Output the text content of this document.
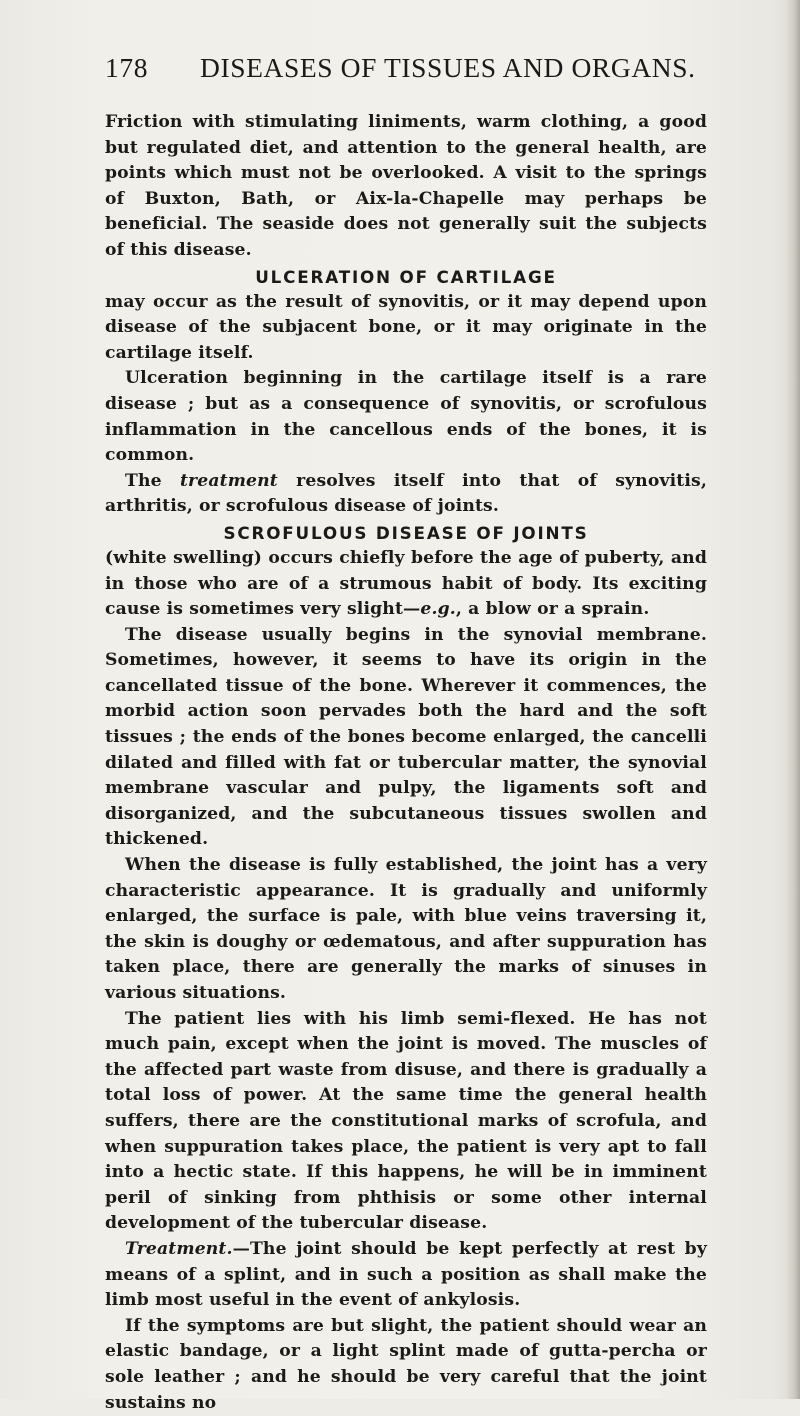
178 DISEASES OF TISSUES AND ORGANS.

Friction with stimulating liniments, warm clothing, a good but regulated diet, and attention to the general health, are points which must not be overlooked. A visit to the springs of Buxton, Bath, or Aix-la-Chapelle may perhaps be beneficial. The seaside does not generally suit the subjects of this disease.

ULCERATION OF CARTILAGE

may occur as the result of synovitis, or it may depend upon disease of the subjacent bone, or it may originate in the cartilage itself.

Ulceration beginning in the cartilage itself is a rare disease ; but as a consequence of synovitis, or scrofulous inflammation in the cancellous ends of the bones, it is common.

The treatment resolves itself into that of synovitis, arthritis, or scrofulous disease of joints.

SCROFULOUS DISEASE OF JOINTS

(white swelling) occurs chiefly before the age of puberty, and in those who are of a strumous habit of body. Its exciting cause is sometimes very slight—e.g., a blow or a sprain.

The disease usually begins in the synovial membrane. Sometimes, however, it seems to have its origin in the cancellated tissue of the bone. Wherever it commences, the morbid action soon pervades both the hard and the soft tissues ; the ends of the bones become enlarged, the cancelli dilated and filled with fat or tubercular matter, the synovial membrane vascular and pulpy, the ligaments soft and disorganized, and the subcutaneous tissues swollen and thickened.

When the disease is fully established, the joint has a very characteristic appearance. It is gradually and uniformly enlarged, the surface is pale, with blue veins traversing it, the skin is doughy or œdematous, and after suppuration has taken place, there are generally the marks of sinuses in various situations.

The patient lies with his limb semi-flexed. He has not much pain, except when the joint is moved. The muscles of the affected part waste from disuse, and there is gradually a total loss of power. At the same time the general health suffers, there are the constitutional marks of scrofula, and when suppuration takes place, the patient is very apt to fall into a hectic state. If this happens, he will be in imminent peril of sinking from phthisis or some other internal development of the tubercular disease.

Treatment.—The joint should be kept perfectly at rest by means of a splint, and in such a position as shall make the limb most useful in the event of ankylosis.

If the symptoms are but slight, the patient should wear an elastic bandage, or a light splint made of gutta-percha or sole leather ; and he should be very careful that the joint sustains no
